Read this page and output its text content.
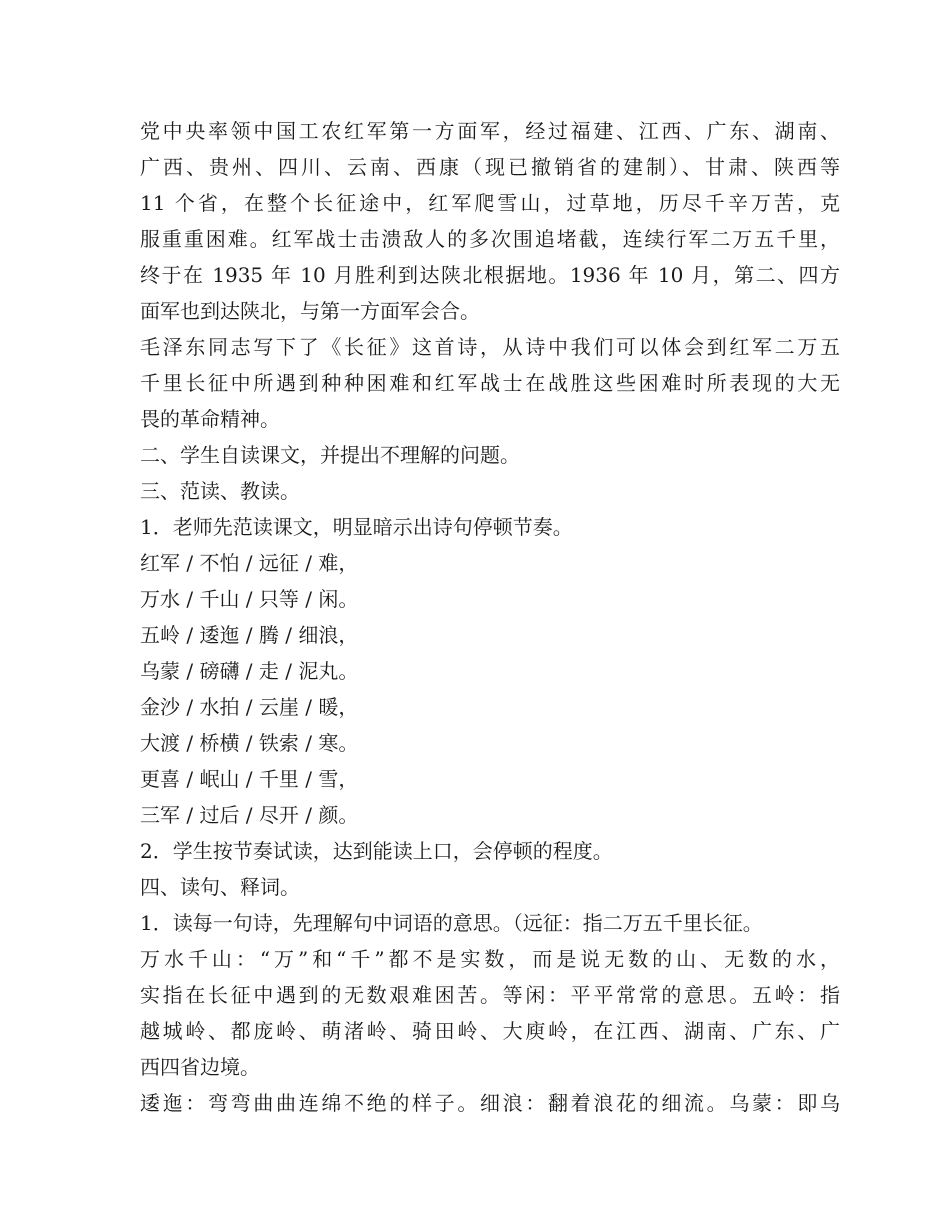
党中央率领中国工农红军第一方面军，经过福建、江西、广东、湖南、
广西、贵州、四川、云南、西康（现已撤销省的建制）、甘肃、陕西等
11 个省，在整个长征途中，红军爬雪山，过草地，历尽千辛万苦，克
服重重困难。红军战士击溃敌人的多次围追堵截，连续行军二万五千里，
终于在 1935 年 10 月胜利到达陕北根据地。1936 年 10 月，第二、四方
面军也到达陕北，与第一方面军会合。
毛泽东同志写下了《长征》这首诗，从诗中我们可以体会到红军二万五
千里长征中所遇到种种困难和红军战士在战胜这些困难时所表现的大无
畏的革命精神。
二、学生自读课文，并提出不理解的问题。
三、范读、教读。
1．老师先范读课文，明显暗示出诗句停顿节奏。
红军 / 不怕 / 远征 / 难，
万水 / 千山 / 只等 / 闲。
五岭 / 逶迤 / 腾 / 细浪，
乌蒙 / 磅礴 / 走 / 泥丸。
金沙 / 水拍 / 云崖 / 暖，
大渡 / 桥横 / 铁索 / 寒。
更喜 / 岷山 / 千里 / 雪，
三军 / 过后 / 尽开 / 颜。
2．学生按节奏试读，达到能读上口，会停顿的程度。
四、读句、释词。
1．读每一句诗，先理解句中词语的意思。（远征：指二万五千里长征。
万水千山：“万”和“千”都不是实数，而是说无数的山、无数的水，
实指在长征中遇到的无数艰难困苦。等闲：平平常常的意思。五岭：指
越城岭、都庞岭、萌渚岭、骑田岭、大庾岭，在江西、湖南、广东、广
西四省边境。
逶迤：弯弯曲曲连绵不绝的样子。细浪：翻着浪花的细流。乌蒙：即乌
